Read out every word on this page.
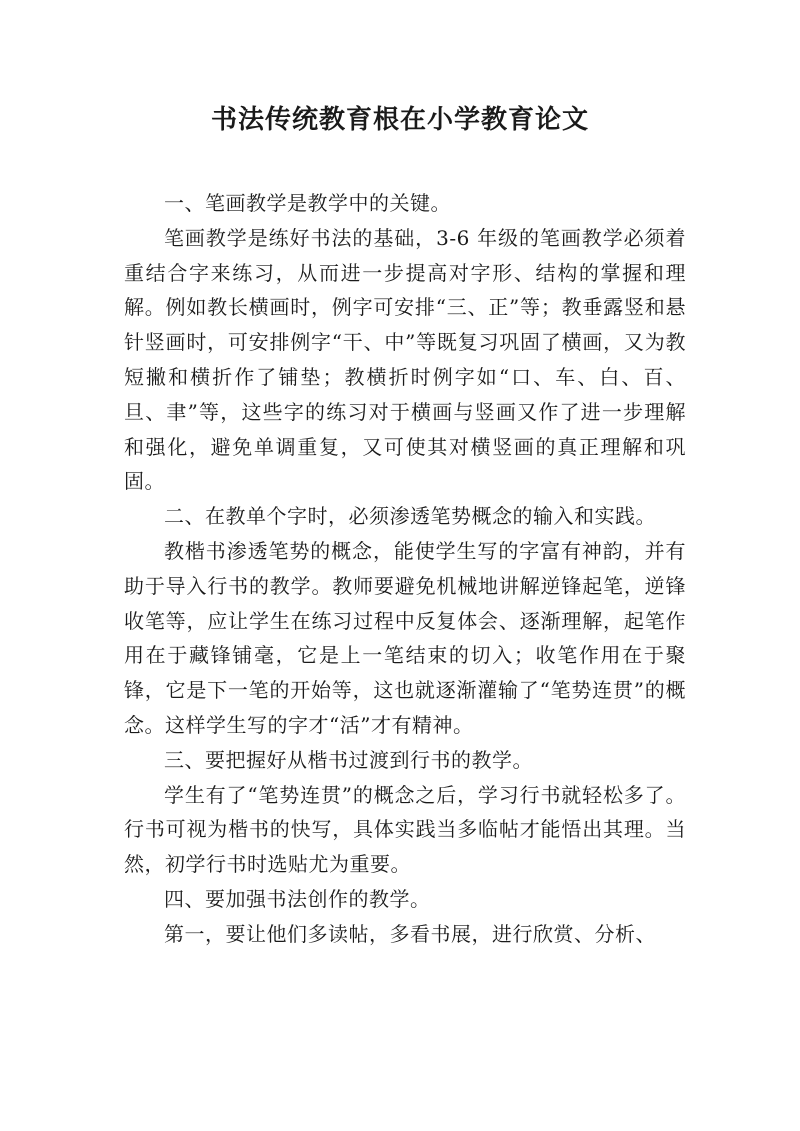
书法传统教育根在小学教育论文

一、笔画教学是教学中的关键。

笔画教学是练好书法的基础，3-6 年级的笔画教学必须着重结合字来练习，从而进一步提高对字形、结构的掌握和理解。例如教长横画时，例字可安排“三、正”等；教垂露竖和悬针竖画时，可安排例字“干、中”等既复习巩固了横画，又为教短撇和横折作了铺垫；教横折时例字如“口、车、白、百、旦、聿”等，这些字的练习对于横画与竖画又作了进一步理解和强化，避免单调重复，又可使其对横竖画的真正理解和巩固。

二、在教单个字时，必须渗透笔势概念的输入和实践。

教楷书渗透笔势的概念，能使学生写的字富有神韵，并有助于导入行书的教学。教师要避免机械地讲解逆锋起笔，逆锋收笔等，应让学生在练习过程中反复体会、逐渐理解，起笔作用在于藏锋铺毫，它是上一笔结束的切入；收笔作用在于聚锋，它是下一笔的开始等，这也就逐渐灌输了“笔势连贯”的概念。这样学生写的字才“活”才有精神。

三、要把握好从楷书过渡到行书的教学。

学生有了“笔势连贯”的概念之后，学习行书就轻松多了。行书可视为楷书的快写，具体实践当多临帖才能悟出其理。当然，初学行书时选贴尤为重要。

四、要加强书法创作的教学。

第一，要让他们多读帖，多看书展，进行欣赏、分析、
